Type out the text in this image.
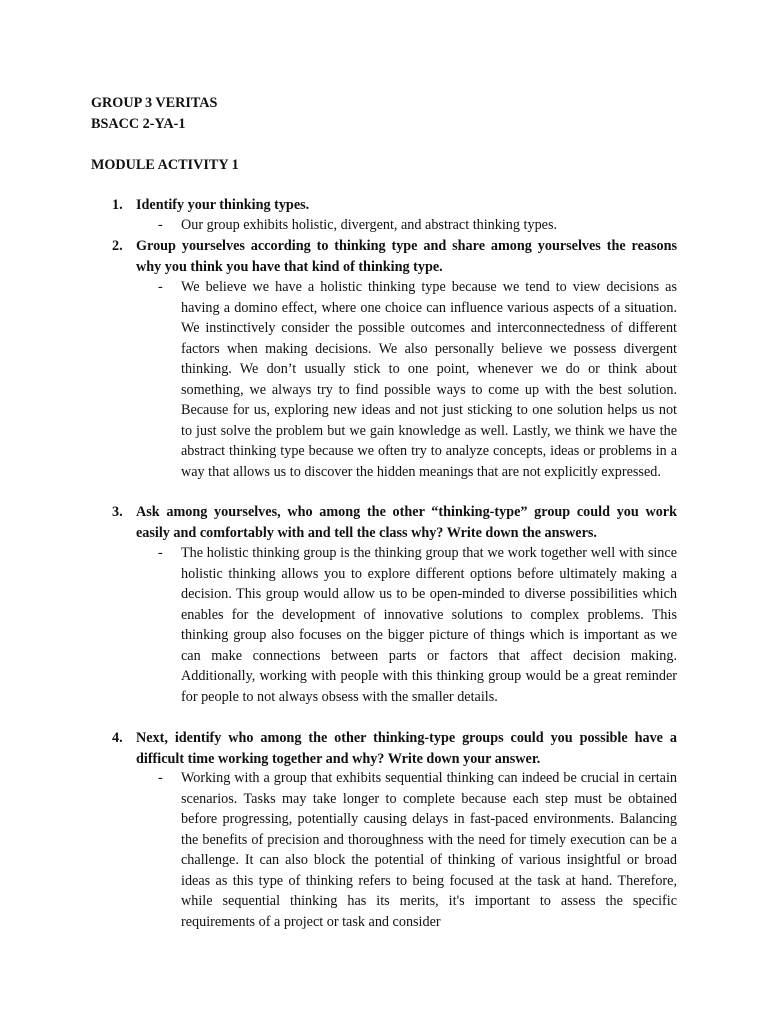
GROUP 3 VERITAS
BSACC 2-YA-1
MODULE ACTIVITY 1
1. Identify your thinking types.
- Our group exhibits holistic, divergent, and abstract thinking types.
2. Group yourselves according to thinking type and share among yourselves the reasons why you think you have that kind of thinking type.
- We believe we have a holistic thinking type because we tend to view decisions as having a domino effect, where one choice can influence various aspects of a situation. We instinctively consider the possible outcomes and interconnectedness of different factors when making decisions. We also personally believe we possess divergent thinking. We don’t usually stick to one point, whenever we do or think about something, we always try to find possible ways to come up with the best solution. Because for us, exploring new ideas and not just sticking to one solution helps us not to just solve the problem but we gain knowledge as well. Lastly, we think we have the abstract thinking type because we often try to analyze concepts, ideas or problems in a way that allows us to discover the hidden meanings that are not explicitly expressed.
3. Ask among yourselves, who among the other “thinking-type” group could you work easily and comfortably with and tell the class why? Write down the answers.
- The holistic thinking group is the thinking group that we work together well with since holistic thinking allows you to explore different options before ultimately making a decision. This group would allow us to be open-minded to diverse possibilities which enables for the development of innovative solutions to complex problems. This thinking group also focuses on the bigger picture of things which is important as we can make connections between parts or factors that affect decision making. Additionally, working with people with this thinking group would be a great reminder for people to not always obsess with the smaller details.
4. Next, identify who among the other thinking-type groups could you possible have a difficult time working together and why? Write down your answer.
- Working with a group that exhibits sequential thinking can indeed be crucial in certain scenarios. Tasks may take longer to complete because each step must be obtained before progressing, potentially causing delays in fast-paced environments. Balancing the benefits of precision and thoroughness with the need for timely execution can be a challenge. It can also block the potential of thinking of various insightful or broad ideas as this type of thinking refers to being focused at the task at hand. Therefore, while sequential thinking has its merits, it's important to assess the specific requirements of a project or task and consider
